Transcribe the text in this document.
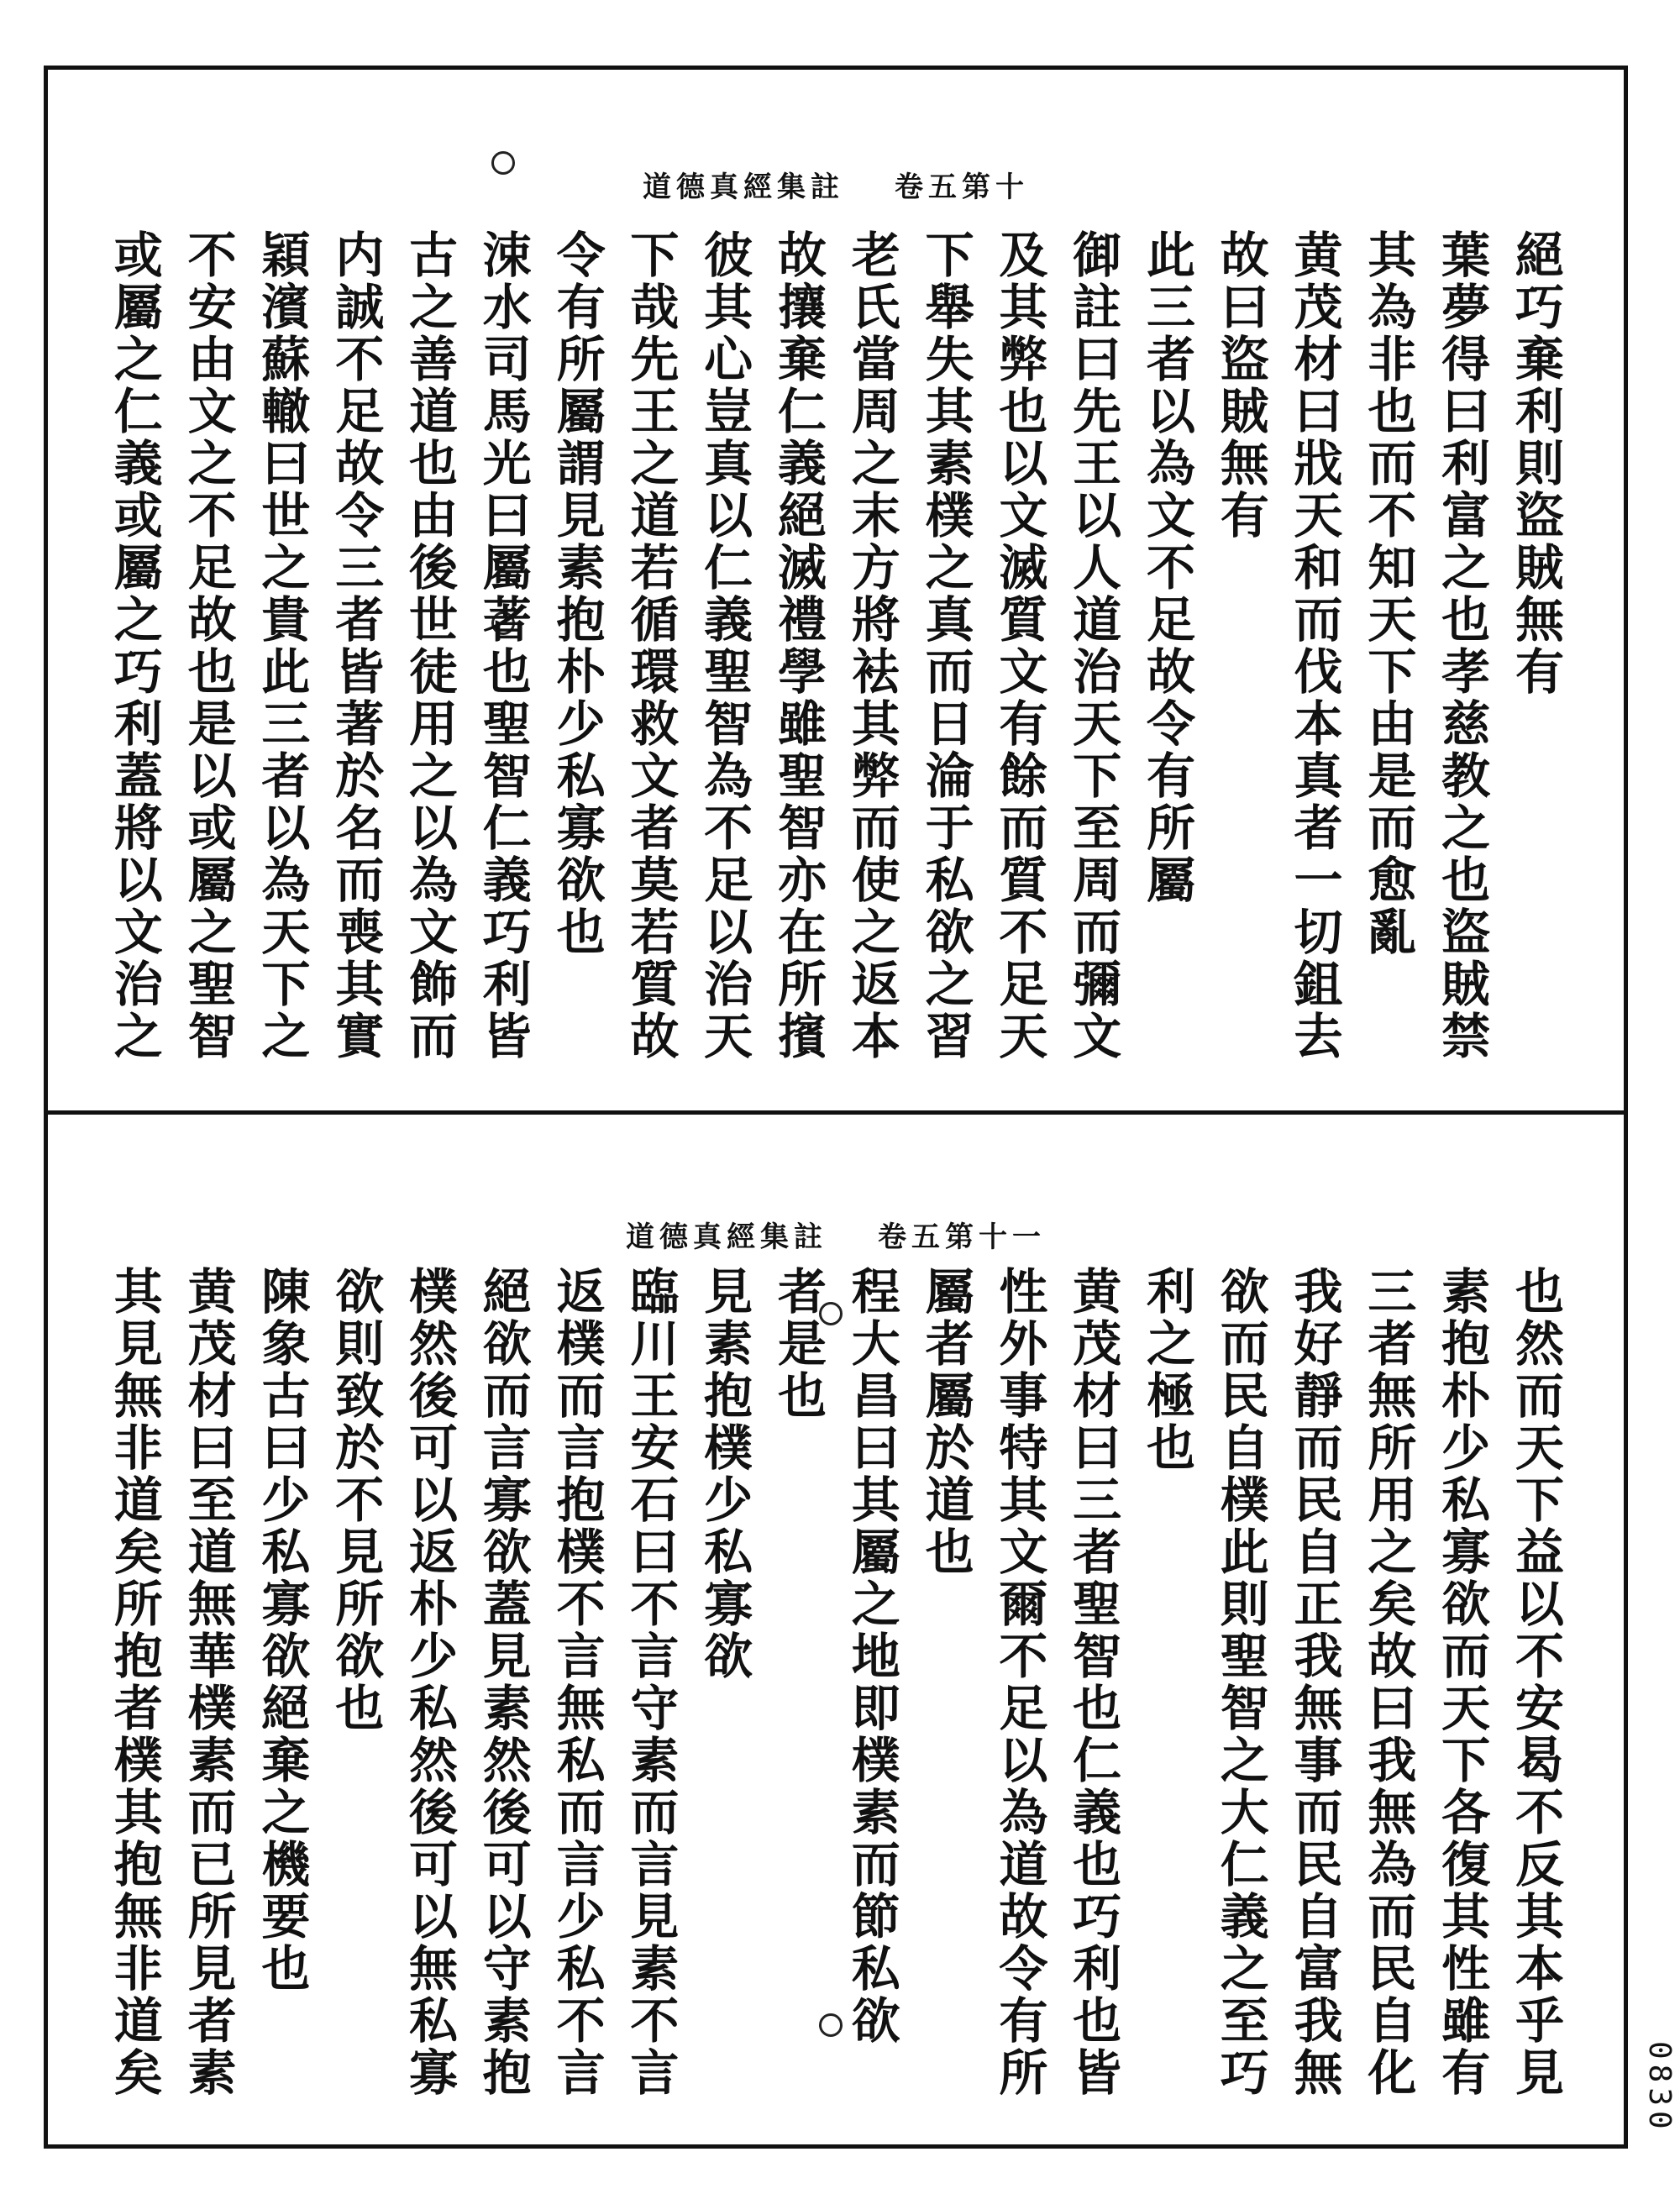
道德真經集註 卷五第十
絕巧棄利則盜賊無有
葉夢得曰利富之也孝慈教之也盜賊禁
其為非也而不知天下由是而愈亂
黄茂材曰戕天和而伐本真者一切鉏去
故曰盜賊無有
此三者以為文不足故令有所屬
御註曰先王以人道治天下至周而彌文
及其弊也以文滅質文有餘而質不足天
下舉失其素樸之真而日淪于私欲之習
老氏當周之末方將袪其弊而使之返本
故攘棄仁義絕滅禮學雖聖智亦在所擯
彼其心豈真以仁義聖智為不足以治天
下哉先王之道若循環救文者莫若質故
令有所屬謂見素抱朴少私寡欲也
涑水司馬光曰屬著也聖智仁義巧利皆
古之善道也由後世徒用之以為文飾而
内誠不足故令三者皆著於名而喪其實
穎濱蘇轍曰世之貴此三者以為天下之
不安由文之不足故也是以或屬之聖智
或屬之仁義或屬之巧利蓋將以文治之
道德真經集註 卷五第十一
也然而天下益以不安曷不反其本乎見
素抱朴少私寡欲而天下各復其性雖有
三者無所用之矣故曰我無為而民自化
我好靜而民自正我無事而民自富我無
欲而民自樸此則聖智之大仁義之至巧
利之極也
黄茂材曰三者聖智也仁義也巧利也皆
性外事特其文爾不足以為道故令有所
屬者屬於道也
程大昌曰其屬之地即樸素而節私欲
者是也
見素抱樸少私寡欲
臨川王安石曰不言守素而言見素不言
返樸而言抱樸不言無私而言少私不言
絕欲而言寡欲蓋見素然後可以守素抱
樸然後可以返朴少私然後可以無私寡
欲則致於不見所欲也
陳象古曰少私寡欲絕棄之機要也
黄茂材曰至道無華樸素而已所見者素
其見無非道矣所抱者樸其抱無非道矣	0830
